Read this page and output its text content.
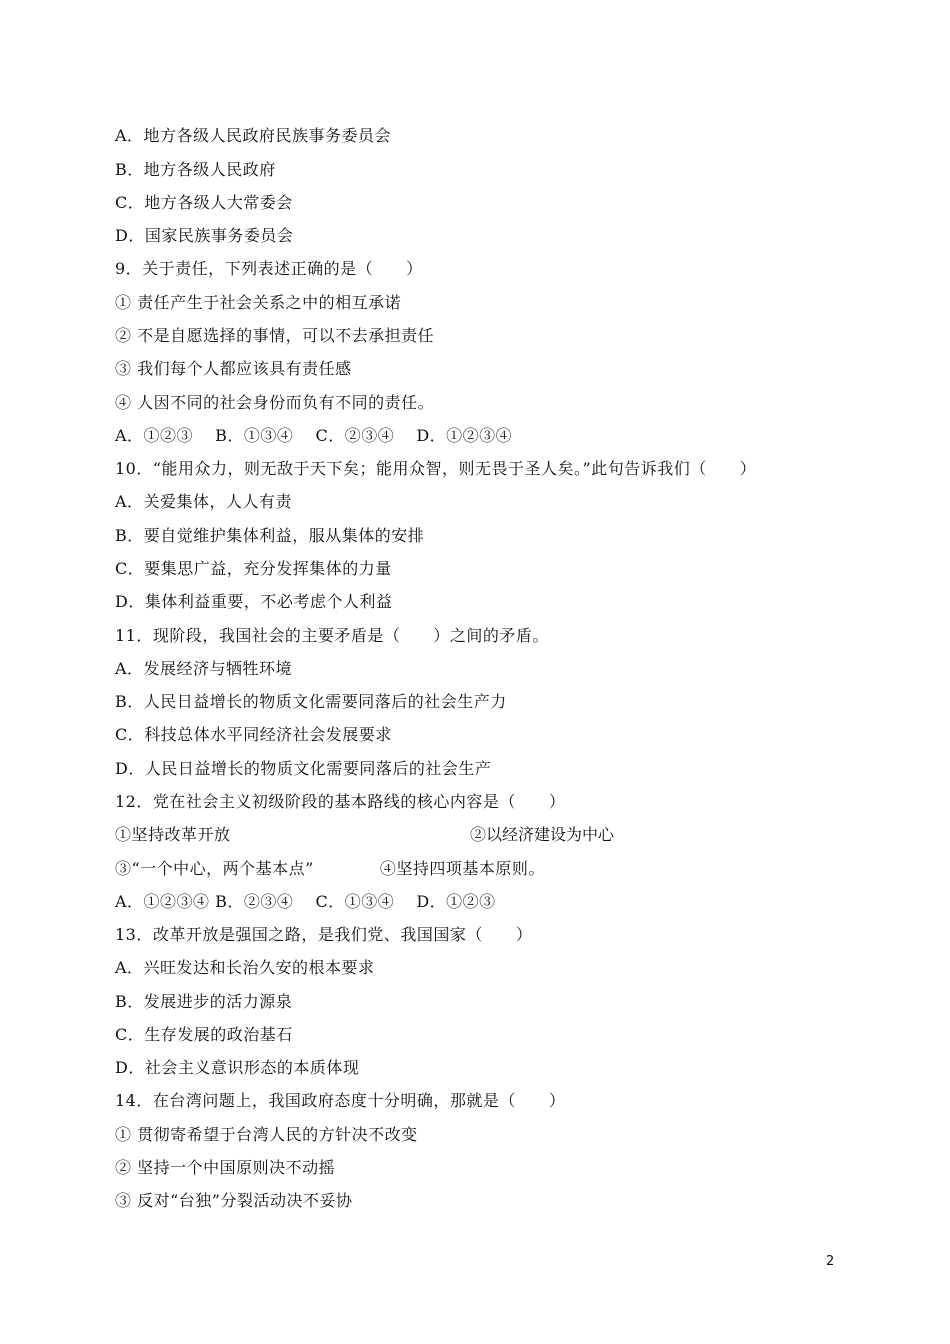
A．地方各级人民政府民族事务委员会
B．地方各级人民政府
C．地方各级人大常委会
D．国家民族事务委员会
9．关于责任，下列表述正确的是（　　）
① 责任产生于社会关系之中的相互承诺
② 不是自愿选择的事情，可以不去承担责任
③ 我们每个人都应该具有责任感
④ 人因不同的社会身份而负有不同的责任。
A．①②③　 B．①③④　 C．②③④　 D．①②③④
10．“能用众力，则无敌于天下矣；能用众智，则无畏于圣人矣。”此句告诉我们（　　）
A．关爱集体，人人有责
B．要自觉维护集体利益，服从集体的安排
C．要集思广益，充分发挥集体的力量
D．集体利益重要，不必考虑个人利益
11．现阶段，我国社会的主要矛盾是（　　）之间的矛盾。
A．发展经济与牺牲环境
B．人民日益增长的物质文化需要同落后的社会生产力
C．科技总体水平同经济社会发展要求
D．人民日益增长的物质文化需要同落后的社会生产
12．党在社会主义初级阶段的基本路线的核心内容是（　　）
①坚持改革开放	②以经济建设为中心
③“一个中心，两个基本点”　　　　④坚持四项基本原则。
A．①②③④ B．②③④　 C．①③④　 D．①②③
13．改革开放是强国之路，是我们党、我国国家（　　）
A．兴旺发达和长治久安的根本要求
B．发展进步的活力源泉
C．生存发展的政治基石
D．社会主义意识形态的本质体现
14．在台湾问题上，我国政府态度十分明确，那就是（　　）
① 贯彻寄希望于台湾人民的方针决不改变
② 坚持一个中国原则决不动摇
③ 反对“台独”分裂活动决不妥协
2
